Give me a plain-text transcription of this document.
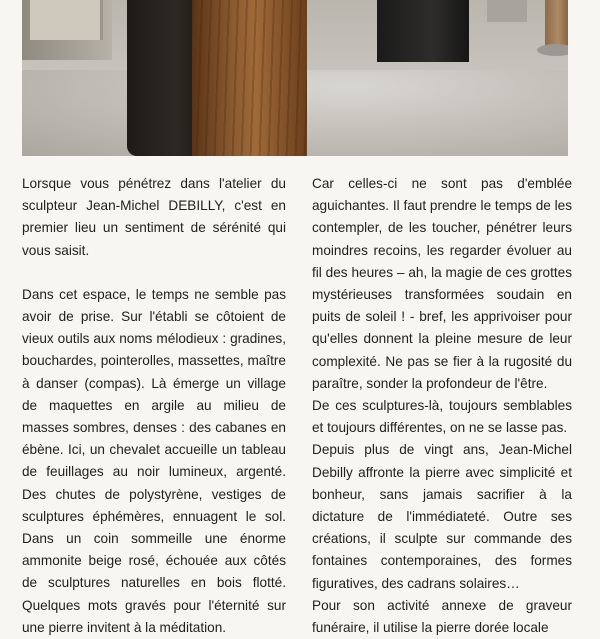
Lorsque vous pénétrez dans l'atelier du sculpteur Jean-Michel DEBILLY, c'est en premier lieu un sentiment de sérénité qui vous saisit.

Dans cet espace, le temps ne semble pas avoir de prise. Sur l'établi se côtoient de vieux outils aux noms mélodieux : gradines, bouchardes, pointerolles, massettes, maître à danser (compas). Là émerge un village de maquettes en argile au milieu de masses sombres, denses : des cabanes en ébène. Ici, un chevalet accueille un tableau de feuillages au noir lumineux, argenté. Des chutes de polystyrène, vestiges de sculptures éphémères, ennuagent le sol. Dans un coin sommeille une énorme ammonite beige rosé, échouée aux côtés de sculptures naturelles en bois flotté. Quelques mots gravés pour l'éternité sur une pierre invitent à la méditation.

Car celles-ci ne sont pas d'emblée aguichantes. Il faut prendre le temps de les contempler, de les toucher, pénétrer leurs moindres recoins, les regarder évoluer au fil des heures – ah, la magie de ces grottes mystérieuses transformées soudain en puits de soleil ! - bref, les apprivoiser pour qu'elles donnent la pleine mesure de leur complexité. Ne pas se fier à la rugosité du paraître, sonder la profondeur de l'être.

De ces sculptures-là, toujours semblables et toujours différentes, on ne se lasse pas.

Depuis plus de vingt ans, Jean-Michel Debilly affronte la pierre avec simplicité et bonheur, sans jamais sacrifier à la dictature de l'immédiateté. Outre ses créations, il sculpte sur commande des fontaines contemporaines, des formes figuratives, des cadrans solaires…

Pour son activité annexe de graveur funéraire, il utilise la pierre dorée locale
